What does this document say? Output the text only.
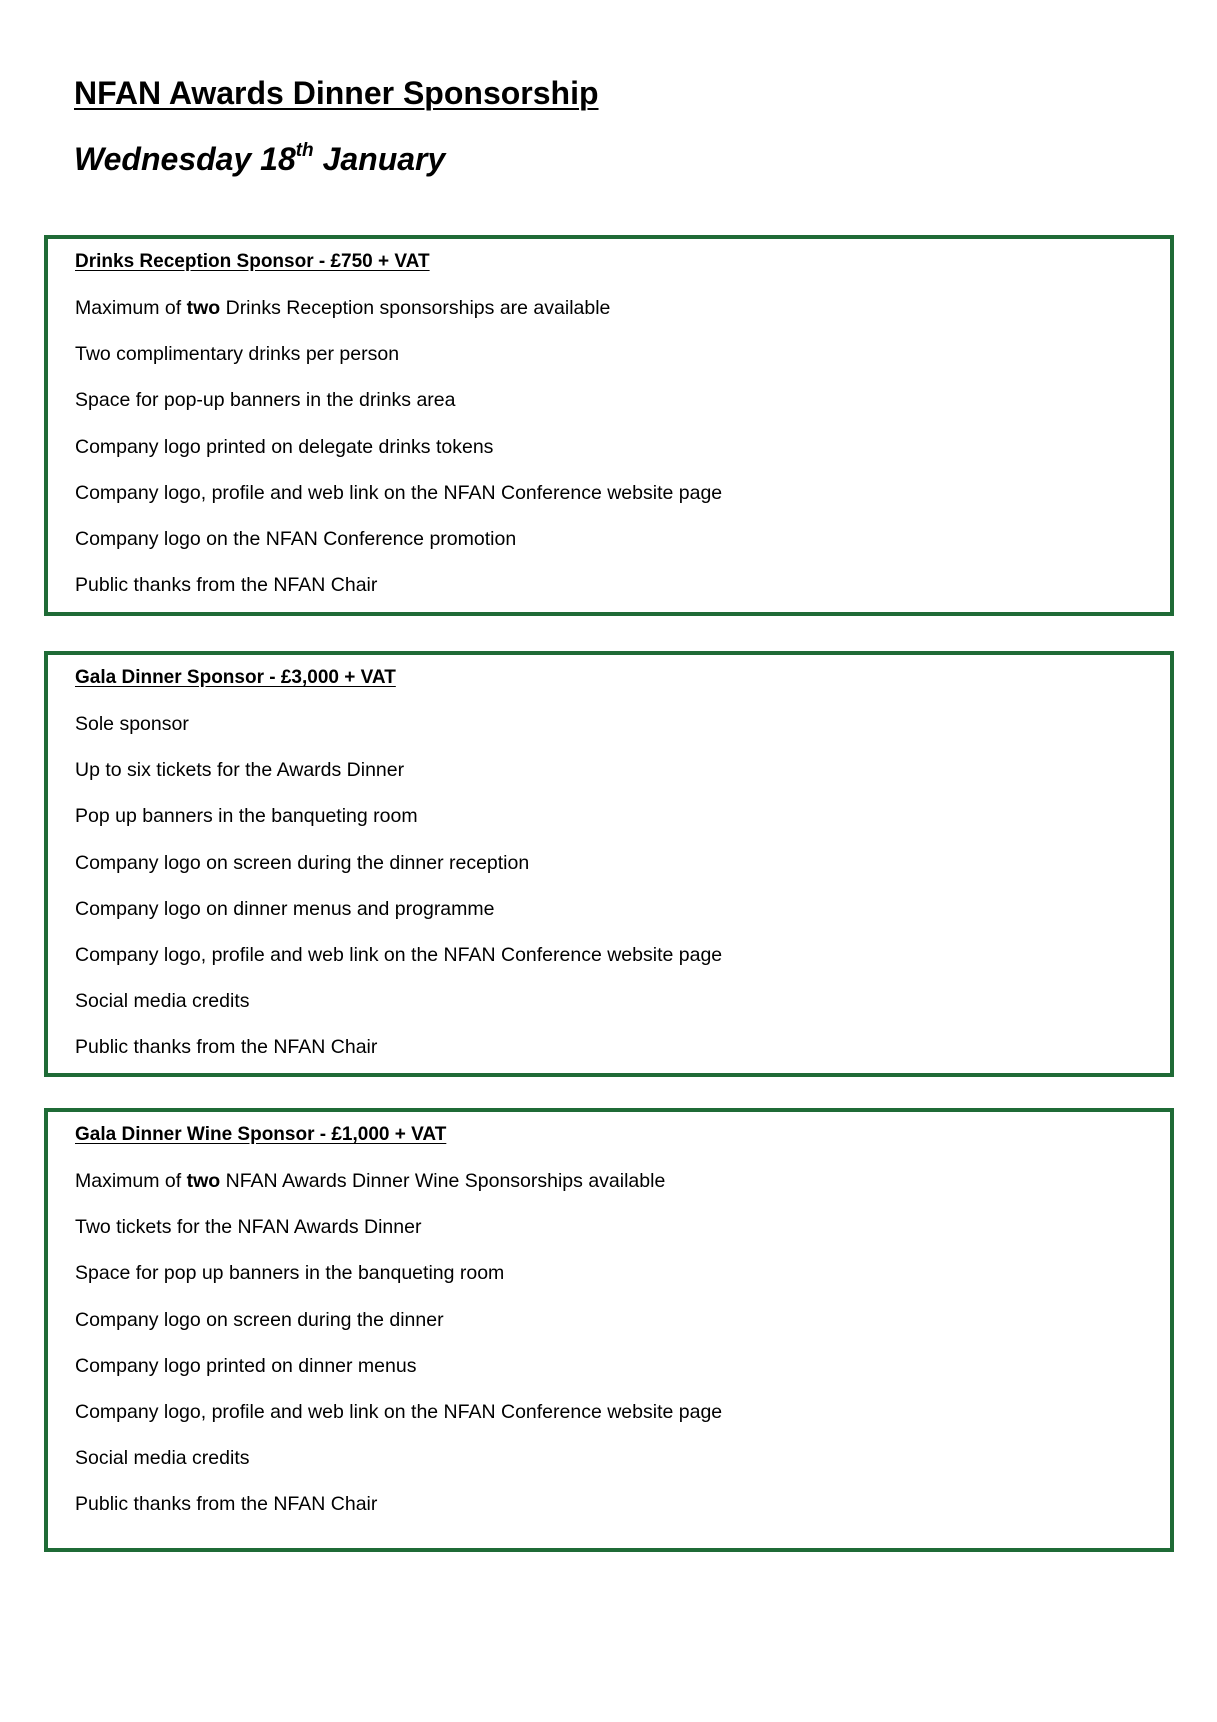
NFAN Awards Dinner Sponsorship
Wednesday 18th January
Drinks Reception Sponsor - £750 + VAT
Maximum of two Drinks Reception sponsorships are available
Two complimentary drinks per person
Space for pop-up banners in the drinks area
Company logo printed on delegate drinks tokens
Company logo, profile and web link on the NFAN Conference website page
Company logo on the NFAN Conference promotion
Public thanks from the NFAN Chair
Gala Dinner Sponsor - £3,000 + VAT
Sole sponsor
Up to six tickets for the Awards Dinner
Pop up banners in the banqueting room
Company logo on screen during the dinner reception
Company logo on dinner menus and programme
Company logo, profile and web link on the NFAN Conference website page
Social media credits
Public thanks from the NFAN Chair
Gala Dinner Wine Sponsor - £1,000 + VAT
Maximum of two NFAN Awards Dinner Wine Sponsorships available
Two tickets for the NFAN Awards Dinner
Space for pop up banners in the banqueting room
Company logo on screen during the dinner
Company logo printed on dinner menus
Company logo, profile and web link on the NFAN Conference website page
Social media credits
Public thanks from the NFAN Chair
